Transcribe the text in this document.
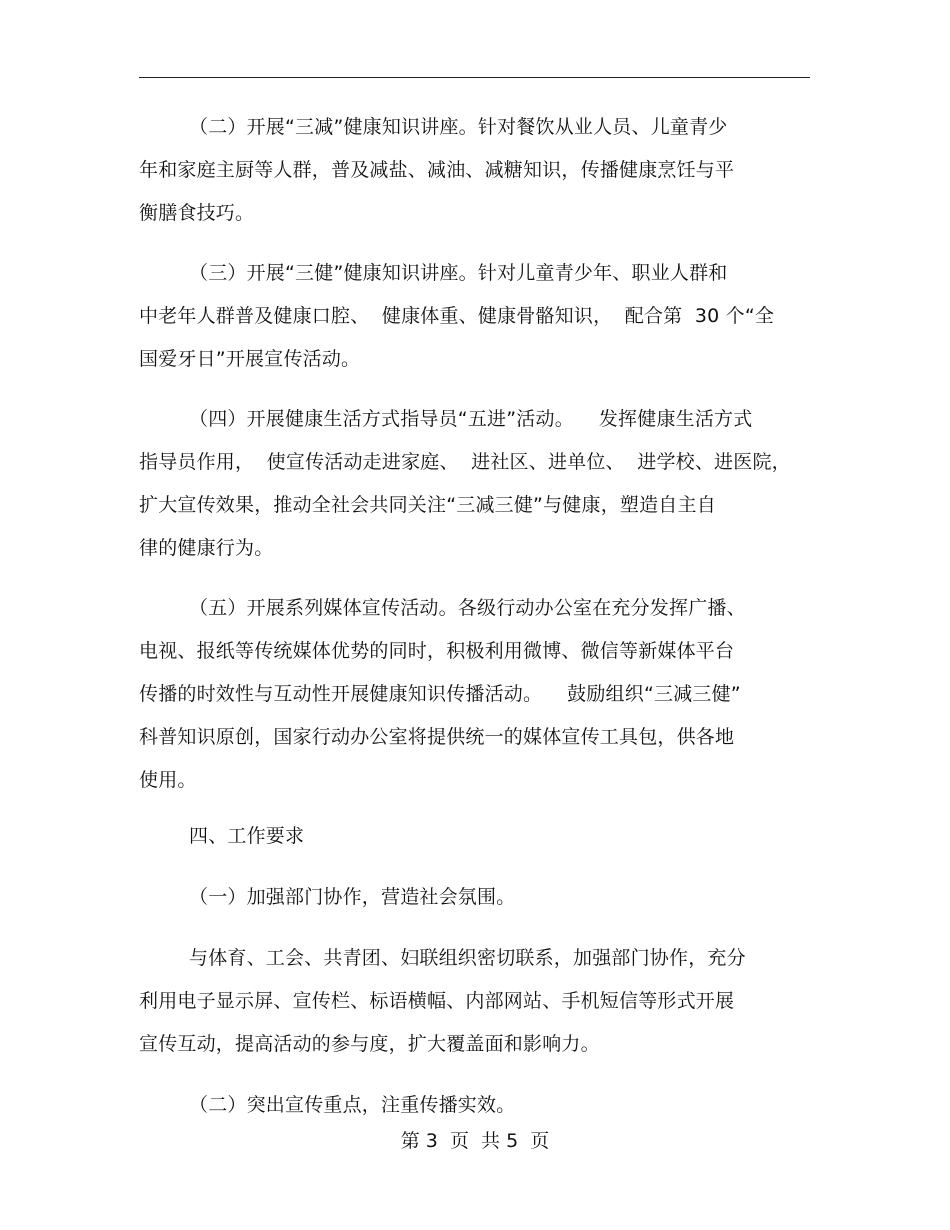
（二）开展“三减”健康知识讲座。针对餐饮从业人员、儿童青少
年和家庭主厨等人群，普及减盐、减油、减糖知识，传播健康烹饪与平
衡膳食技巧。
（三）开展“三健”健康知识讲座。针对儿童青少年、职业人群和
中老年人群普及健康口腔、  健康体重、健康骨骼知识，  配合第  30 个“全
国爱牙日”开展宣传活动。
（四）开展健康生活方式指导员“五进”活动。    发挥健康生活方式
指导员作用，  使宣传活动走进家庭、  进社区、进单位、  进学校、进医院，
扩大宣传效果，推动全社会共同关注“三减三健”与健康，塑造自主自
律的健康行为。
（五）开展系列媒体宣传活动。各级行动办公室在充分发挥广播、
电视、报纸等传统媒体优势的同时，积极利用微博、微信等新媒体平台
传播的时效性与互动性开展健康知识传播活动。    鼓励组织“三减三健”
科普知识原创，国家行动办公室将提供统一的媒体宣传工具包，供各地
使用。
四、工作要求
（一）加强部门协作，营造社会氛围。
与体育、工会、共青团、妇联组织密切联系，加强部门协作，充分
利用电子显示屏、宣传栏、标语横幅、内部网站、手机短信等形式开展
宣传互动，提高活动的参与度，扩大覆盖面和影响力。
（二）突出宣传重点，注重传播实效。
第 3  页  共 5  页
